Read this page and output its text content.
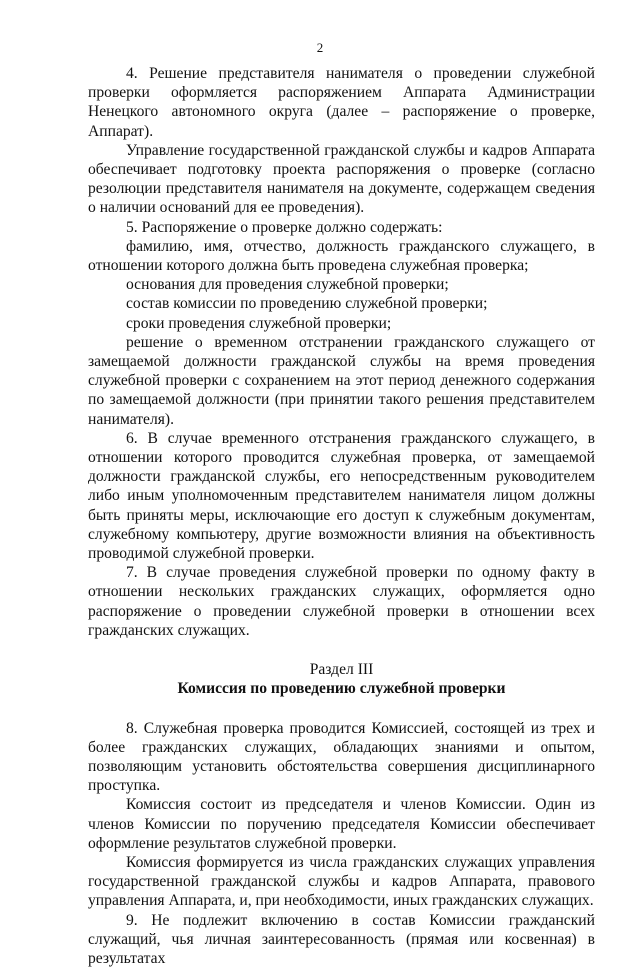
2

4. Решение представителя нанимателя о проведении служебной проверки оформляется распоряжением Аппарата Администрации Ненецкого автономного округа (далее – распоряжение о проверке, Аппарат).

Управление государственной гражданской службы и кадров Аппарата обеспечивает подготовку проекта распоряжения о проверке (согласно резолюции представителя нанимателя на документе, содержащем сведения о наличии оснований для ее проведения).

5. Распоряжение о проверке должно содержать:

фамилию, имя, отчество, должность гражданского служащего, в отношении которого должна быть проведена служебная проверка;

основания для проведения служебной проверки;

состав комиссии по проведению служебной проверки;

сроки проведения служебной проверки;

решение о временном отстранении гражданского служащего от замещаемой должности гражданской службы на время проведения служебной проверки с сохранением на этот период денежного содержания по замещаемой должности (при принятии такого решения представителем нанимателя).

6. В случае временного отстранения гражданского служащего, в отношении которого проводится служебная проверка, от замещаемой должности гражданской службы, его непосредственным руководителем либо иным уполномоченным представителем нанимателя лицом должны быть приняты меры, исключающие его доступ к служебным документам, служебному компьютеру, другие возможности влияния на объективность проводимой служебной проверки.

7. В случае проведения служебной проверки по одному факту в отношении нескольких гражданских служащих, оформляется одно распоряжение о проведении служебной проверки в отношении всех гражданских служащих.

Раздел III

Комиссия по проведению служебной проверки

8. Служебная проверка проводится Комиссией, состоящей из трех и более гражданских служащих, обладающих знаниями и опытом, позволяющим установить обстоятельства совершения дисциплинарного проступка.

Комиссия состоит из председателя и членов Комиссии. Один из членов Комиссии по поручению председателя Комиссии обеспечивает оформление результатов служебной проверки.

Комиссия формируется из числа гражданских служащих управления государственной гражданской службы и кадров Аппарата, правового управления Аппарата, и, при необходимости, иных гражданских служащих.

9. Не подлежит включению в состав Комиссии гражданский служащий, чья личная заинтересованность (прямая или косвенная) в результатах
